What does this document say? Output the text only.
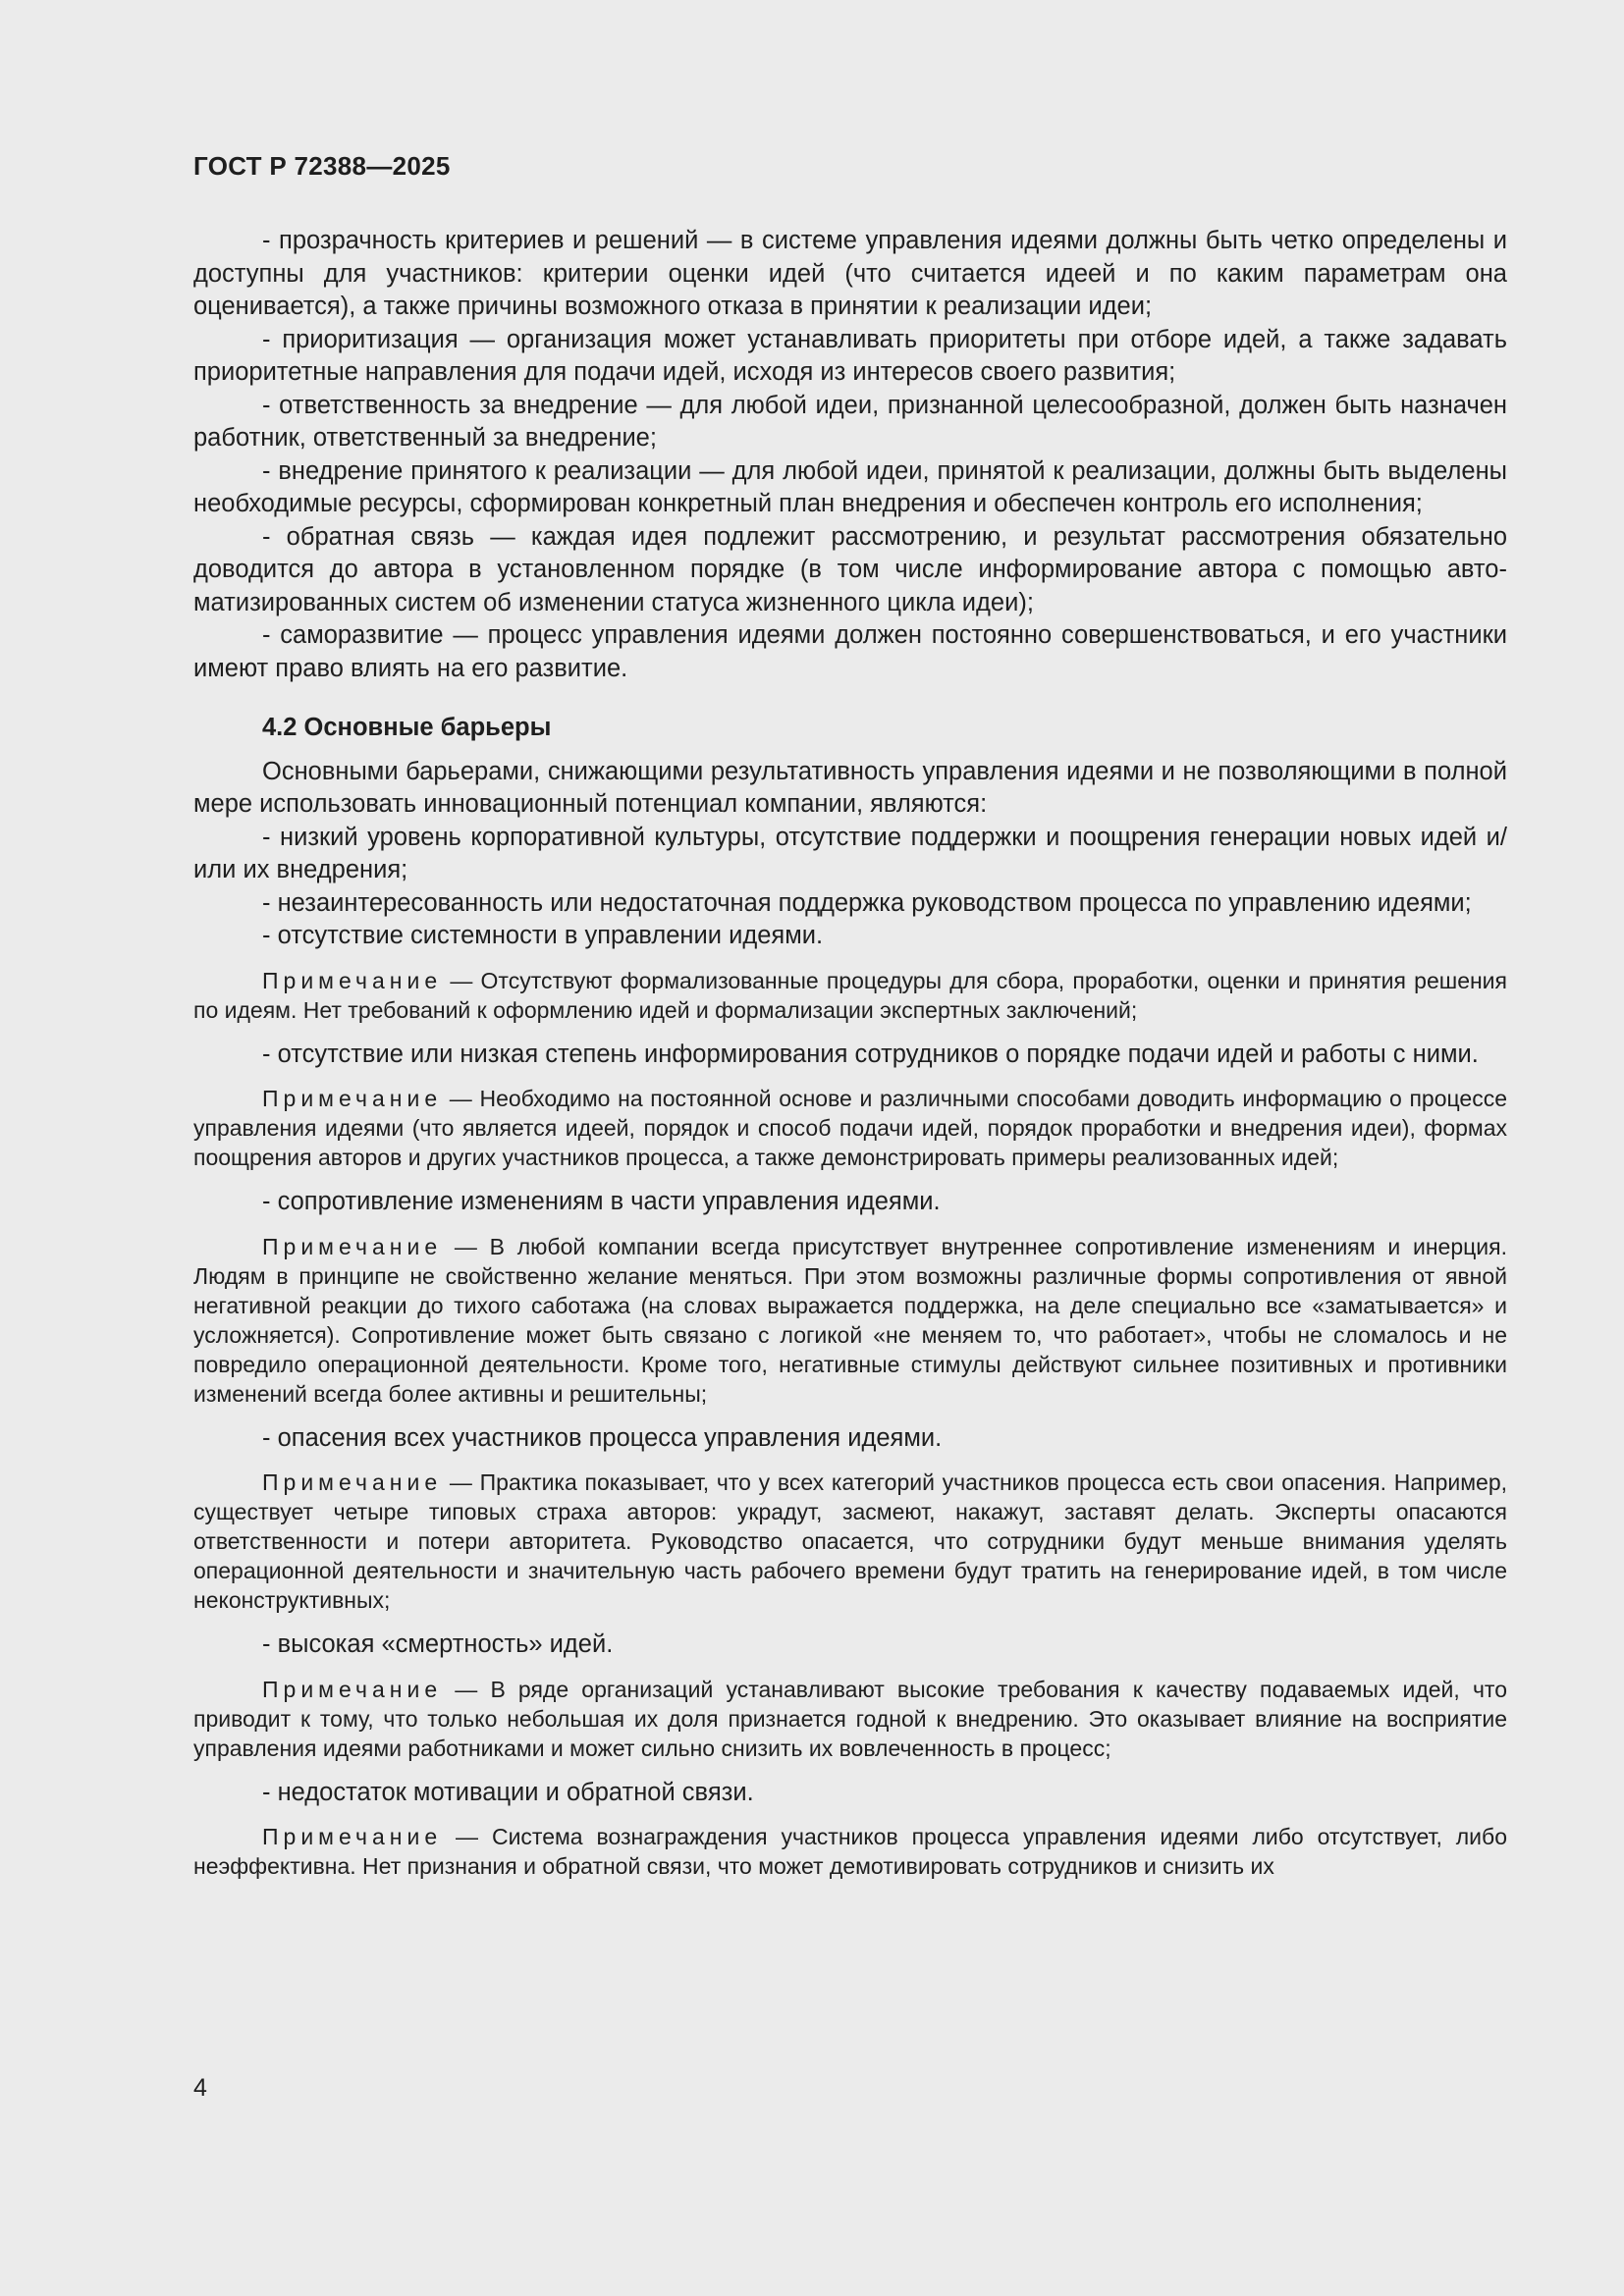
ГОСТ Р 72388—2025

- прозрачность критериев и решений — в системе управления идеями должны быть четко определены и доступны для участников: критерии оценки идей (что считается идеей и по каким параметрам она оценивается), а также причины возможного отказа в принятии к реализации идеи;

- приоритизация — организация может устанавливать приоритеты при отборе идей, а также задавать приоритетные направления для подачи идей, исходя из интересов своего развития;

- ответственность за внедрение — для любой идеи, признанной целесообразной, должен быть назначен работник, ответственный за внедрение;

- внедрение принятого к реализации — для любой идеи, принятой к реализации, должны быть выделены необходимые ресурсы, сформирован конкретный план внедрения и обеспечен контроль его исполнения;

- обратная связь — каждая идея подлежит рассмотрению, и результат рассмотрения обязательно доводится до автора в установленном порядке (в том числе информирование автора с помощью автоматизированных систем об изменении статуса жизненного цикла идеи);

- саморазвитие — процесс управления идеями должен постоянно совершенствоваться, и его участники имеют право влиять на его развитие.

4.2 Основные барьеры

Основными барьерами, снижающими результативность управления идеями и не позволяющими в полной мере использовать инновационный потенциал компании, являются:

- низкий уровень корпоративной культуры, отсутствие поддержки и поощрения генерации новых идей и/или их внедрения;

- незаинтересованность или недостаточная поддержка руководством процесса по управлению идеями;

- отсутствие системности в управлении идеями.

Примечание — Отсутствуют формализованные процедуры для сбора, проработки, оценки и принятия решения по идеям. Нет требований к оформлению идей и формализации экспертных заключений;

- отсутствие или низкая степень информирования сотрудников о порядке подачи идей и работы с ними.

Примечание — Необходимо на постоянной основе и различными способами доводить информацию о процессе управления идеями (что является идеей, порядок и способ подачи идей, порядок проработки и внедрения идеи), формах поощрения авторов и других участников процесса, а также демонстрировать примеры реализованных идей;

- сопротивление изменениям в части управления идеями.

Примечание — В любой компании всегда присутствует внутреннее сопротивление изменениям и инерция. Людям в принципе не свойственно желание меняться. При этом возможны различные формы сопротивления от явной негативной реакции до тихого саботажа (на словах выражается поддержка, на деле специально все «заматывается» и усложняется). Сопротивление может быть связано с логикой «не меняем то, что работает», чтобы не сломалось и не повредило операционной деятельности. Кроме того, негативные стимулы действуют сильнее позитивных и противники изменений всегда более активны и решительны;

- опасения всех участников процесса управления идеями.

Примечание — Практика показывает, что у всех категорий участников процесса есть свои опасения. Например, существует четыре типовых страха авторов: украдут, засмеют, накажут, заставят делать. Эксперты опасаются ответственности и потери авторитета. Руководство опасается, что сотрудники будут меньше внимания уделять операционной деятельности и значительную часть рабочего времени будут тратить на генерирование идей, в том числе неконструктивных;

- высокая «смертность» идей.

Примечание — В ряде организаций устанавливают высокие требования к качеству подаваемых идей, что приводит к тому, что только небольшая их доля признается годной к внедрению. Это оказывает влияние на восприятие управления идеями работниками и может сильно снизить их вовлеченность в процесс;

- недостаток мотивации и обратной связи.

Примечание — Система вознаграждения участников процесса управления идеями либо отсутствует, либо неэффективна. Нет признания и обратной связи, что может демотивировать сотрудников и снизить их

4
